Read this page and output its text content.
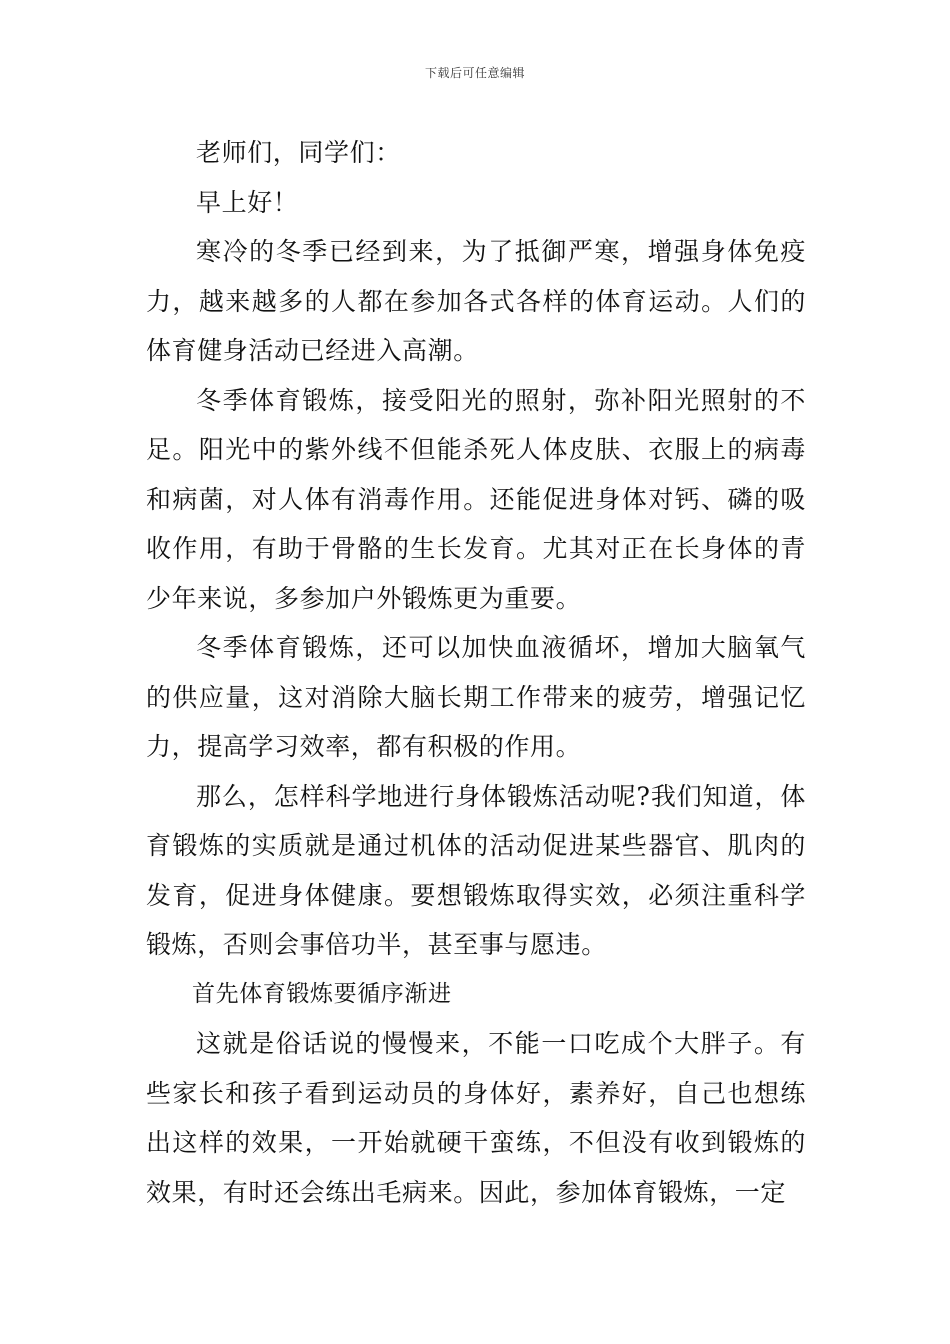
下载后可任意编辑

老师们，同学们：

早上好！

寒冷的冬季已经到来，为了抵御严寒，增强身体免疫力，越来越多的人都在参加各式各样的体育运动。人们的体育健身活动已经进入高潮。

冬季体育锻炼，接受阳光的照射，弥补阳光照射的不足。阳光中的紫外线不但能杀死人体皮肤、衣服上的病毒和病菌，对人体有消毒作用。还能促进身体对钙、磷的吸收作用，有助于骨骼的生长发育。尤其对正在长身体的青少年来说，多参加户外锻炼更为重要。

冬季体育锻炼，还可以加快血液循坏，增加大脑氧气的供应量，这对消除大脑长期工作带来的疲劳，增强记忆力，提高学习效率，都有积极的作用。

那么，怎样科学地进行身体锻炼活动呢?我们知道，体育锻炼的实质就是通过机体的活动促进某些器官、肌肉的发育，促进身体健康。要想锻炼取得实效，必须注重科学锻炼，否则会事倍功半，甚至事与愿违。

首先体育锻炼要循序渐进

这就是俗话说的慢慢来，不能一口吃成个大胖子。有些家长和孩子看到运动员的身体好，素养好，自己也想练出这样的效果，一开始就硬干蛮练，不但没有收到锻炼的效果，有时还会练出毛病来。因此，参加体育锻炼，一定
